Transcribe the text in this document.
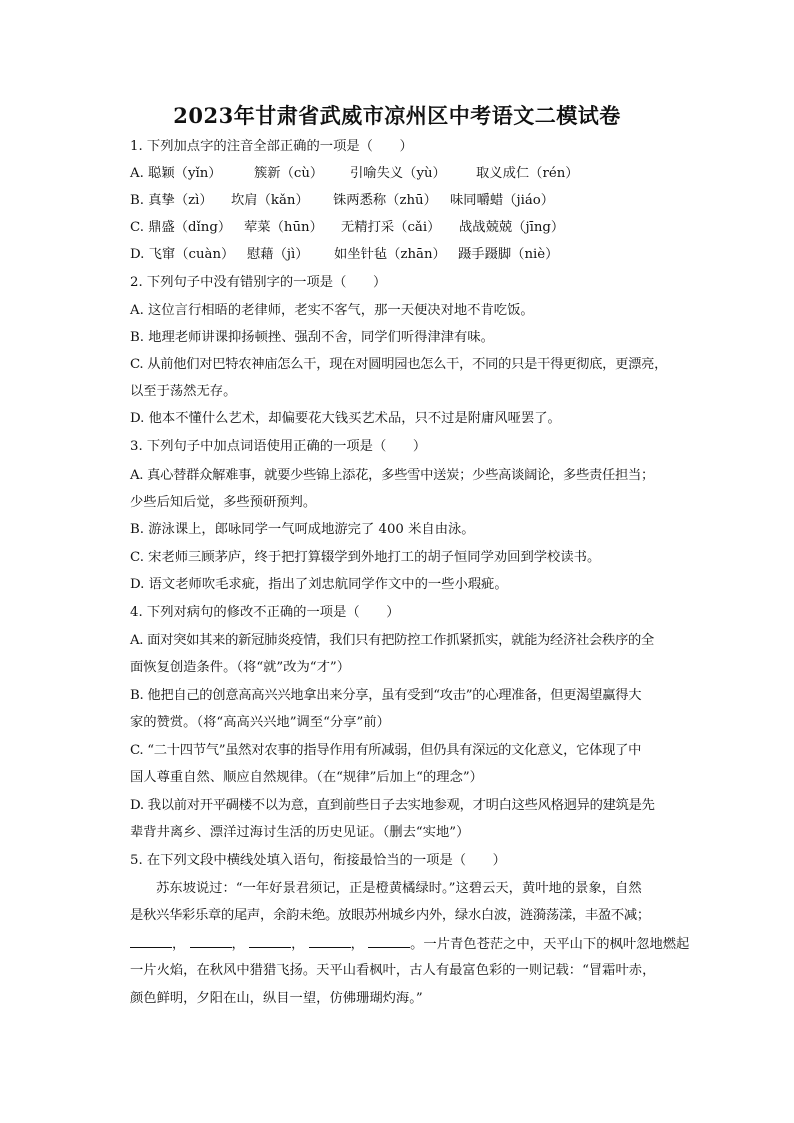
2023年甘肃省武威市凉州区中考语文二模试卷
1. 下列加点字的注音全部正确的一项是（　　）
A. 聪颖（yǐn） 簇新（cù） 引喻失义（yù） 取义成仁（rén）
B. 真挚（zì） 坎肩（kǎn） 铢两悉称（zhū） 味同嚼蜡（jiáo）
C. 鼎盛（dǐng） 荤菜（hūn） 无精打采（cǎi） 战战兢兢（jīng）
D. 飞窜（cuàn） 慰藉（jì） 如坐针毡（zhān） 蹑手蹑脚（niè）
2. 下列句子中没有错别字的一项是（　　）
A. 这位言行相晤的老律师，老实不客气，那一天便决对地不肯吃饭。
B. 地理老师讲课抑扬顿挫、强刮不舍，同学们听得津津有味。
C. 从前他们对巴特农神庙怎么干，现在对圆明园也怎么干，不同的只是干得更彻底，更漂亮，
以至于荡然无存。
D. 他本不懂什么艺术，却偏要花大钱买艺术品，只不过是附庸风哑罢了。
3. 下列句子中加点词语使用正确的一项是（　　）
A. 真心替群众解难事，就要少些锦上添花，多些雪中送炭；少些高谈阔论，多些责任担当；
少些后知后觉，多些预研预判。
B. 游泳课上，郎咏同学一气呵成地游完了 400 米自由泳。
C. 宋老师三顾茅庐，终于把打算辍学到外地打工的胡子恒同学劝回到学校读书。
D. 语文老师吹毛求疵，指出了刘忠航同学作文中的一些小瑕疵。
4. 下列对病句的修改不正确的一项是（　　）
A. 面对突如其来的新冠肺炎疫情，我们只有把防控工作抓紧抓实，就能为经济社会秩序的全
面恢复创造条件。（将“就”改为“才”）
B. 他把自己的创意高高兴兴地拿出来分享，虽有受到“攻击”的心理准备，但更渴望赢得大
家的赞赏。（将“高高兴兴地”调至“分享”前）
C. “二十四节气”虽然对农事的指导作用有所减弱，但仍具有深远的文化意义，它体现了中
国人尊重自然、顺应自然规律。（在“规律”后加上“的理念”）
D. 我以前对开平碉楼不以为意，直到前些日子去实地参观，才明白这些风格迥异的建筑是先
辈背井离乡、漂洋过海讨生活的历史见证。（删去“实地”）
5. 在下列文段中横线处填入语句，衔接最恰当的一项是（　　）
苏东坡说过：“一年好景君须记，正是橙黄橘绿时。”这碧云天，黄叶地的景象，自然
是秋兴华彩乐章的尾声，余韵未绝。放眼苏州城乡内外，绿水白波，涟漪荡漾，丰盈不减；
，	，	，	，	。一片青色苍茫之中，天平山下的枫叶忽地燃起
一片火焰，在秋风中猎猎飞扬。天平山看枫叶，古人有最富色彩的一则记载：“冒霜叶赤，
颜色鲜明，夕阳在山，纵目一望，仿佛珊瑚灼海。”
